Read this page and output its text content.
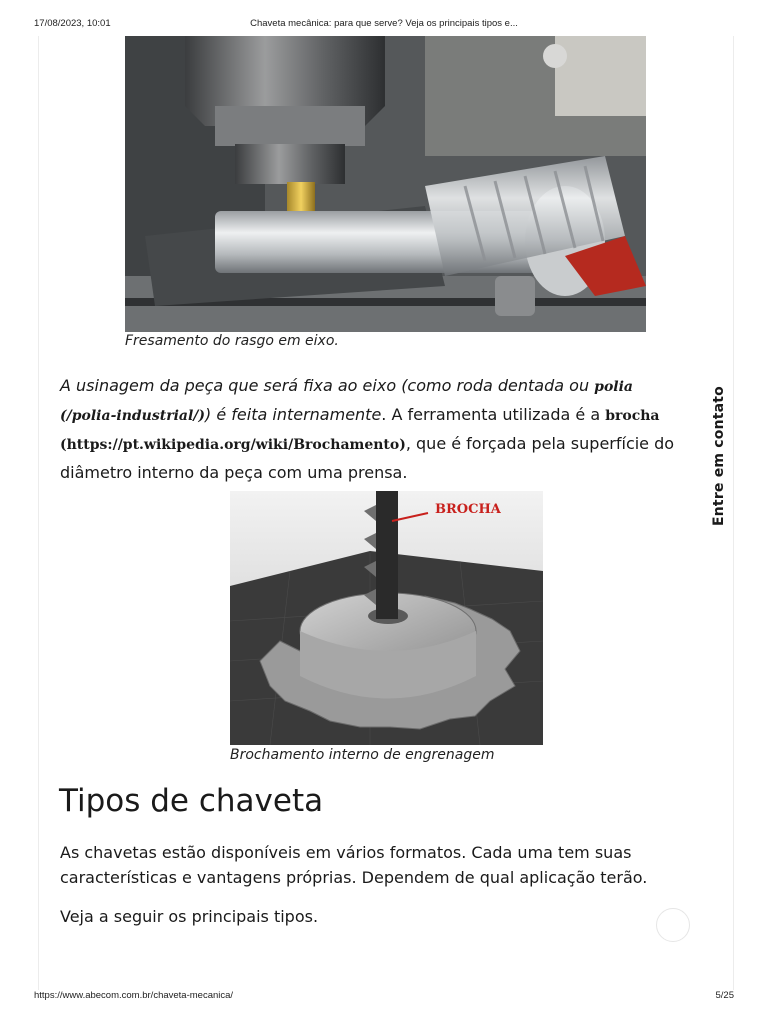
17/08/2023, 10:01	Chaveta mecânica: para que serve? Veja os principais tipos e...
Fresamento do rasgo em eixo.
A usinagem da peça que será fixa ao eixo (como roda dentada ou polia (/polia-industrial/)) é feita internamente. A ferramenta utilizada é a brocha (https://pt.wikipedia.org/wiki/Brochamento), que é forçada pela superfície do diâmetro interno da peça com uma prensa.
BROCHA
Brochamento interno de engrenagem
Tipos de chaveta

As chavetas estão disponíveis em vários formatos. Cada uma tem suas características e vantagens próprias. Dependem de qual aplicação terão.

Veja a seguir os principais tipos.

Entre em contato
https://www.abecom.com.br/chaveta-mecanica/	5/25
